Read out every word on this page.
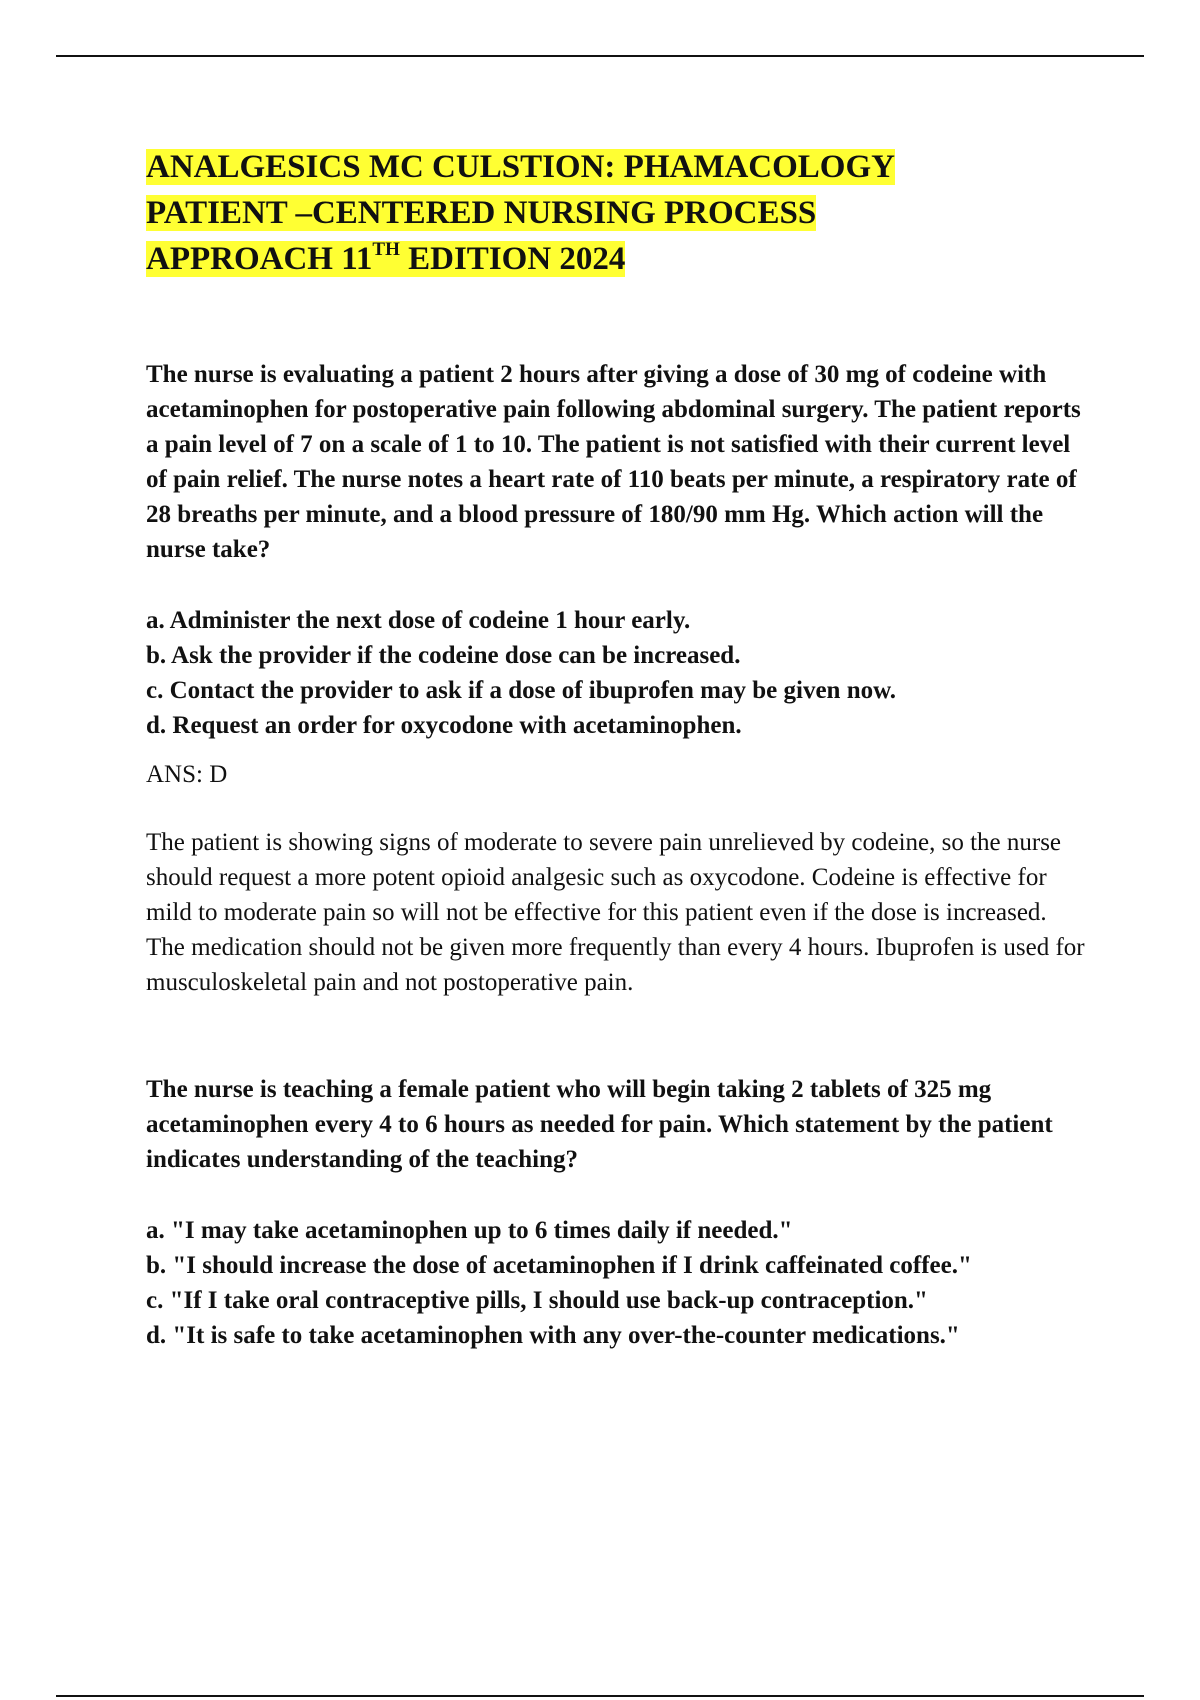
ANALGESICS MC CULSTION: PHAMACOLOGY
PATIENT –CENTERED NURSING PROCESS
APPROACH 11TH EDITION 2024

The nurse is evaluating a patient 2 hours after giving a dose of 30 mg of codeine with acetaminophen for postoperative pain following abdominal surgery. The patient reports a pain level of 7 on a scale of 1 to 10. The patient is not satisfied with their current level of pain relief. The nurse notes a heart rate of 110 beats per minute, a respiratory rate of 28 breaths per minute, and a blood pressure of 180/90 mm Hg. Which action will the nurse take?

a. Administer the next dose of codeine 1 hour early.
b. Ask the provider if the codeine dose can be increased.
c. Contact the provider to ask if a dose of ibuprofen may be given now.
d. Request an order for oxycodone with acetaminophen.

ANS: D

The patient is showing signs of moderate to severe pain unrelieved by codeine, so the nurse should request a more potent opioid analgesic such as oxycodone. Codeine is effective for mild to moderate pain so will not be effective for this patient even if the dose is increased. The medication should not be given more frequently than every 4 hours. Ibuprofen is used for musculoskeletal pain and not postoperative pain.

The nurse is teaching a female patient who will begin taking 2 tablets of 325 mg acetaminophen every 4 to 6 hours as needed for pain. Which statement by the patient indicates understanding of the teaching?

a. "I may take acetaminophen up to 6 times daily if needed."
b. "I should increase the dose of acetaminophen if I drink caffeinated coffee."
c. "If I take oral contraceptive pills, I should use back-up contraception."
d. "It is safe to take acetaminophen with any over-the-counter medications."
